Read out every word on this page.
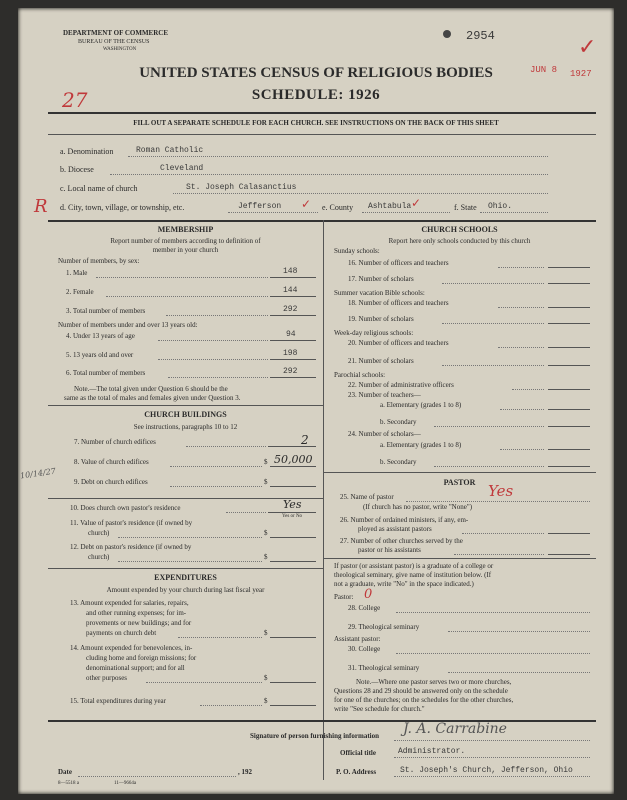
DEPARTMENT OF COMMERCE
BUREAU OF THE CENSUS
WASHINGTON
2954
JUN 8 1927
✓
UNITED STATES CENSUS OF RELIGIOUS BODIES
SCHEDULE: 1926
27
FILL OUT A SEPARATE SCHEDULE FOR EACH CHURCH. SEE INSTRUCTIONS ON THE BACK OF THIS SHEET
a. Denomination	Roman Catholic
b. Diocese	Cleveland
c. Local name of church	St. Joseph Calasanctius
R d. City, town, village, or township, etc.	Jefferson ✓ e. County Ashtabula ✓	f. State Ohio.
MEMBERSHIP
Report number of members according to definition of
member in your church
Number of members, by sex:
1. Male	148
2. Female	144
3. Total number of members	292
Number of members under and over 13 years old:
4. Under 13 years of age	94
5. 13 years old and over	198
6. Total number of members	292
Note.—The total given under Question 6 should be the
same as the total of males and females given under Question 3.
CHURCH BUILDINGS
See instructions, paragraphs 10 to 12
7. Number of church edifices	2
8. Value of church edifices	$ 50,000
10/14/27
9. Debt on church edifices	$
10. Does church own pastor's residence	Yes
Yes or No
11. Value of pastor's residence (if owned by
church)	$
12. Debt on pastor's residence (if owned by
church)	$
EXPENDITURES
Amount expended by your church during last fiscal year
13. Amount expended for salaries, repairs,
and other running expenses; for im-
provements or new buildings; and for
payments on church debt	$
14. Amount expended for benevolences, in-
cluding home and foreign missions; for
denominational support; and for all
other purposes	$
15. Total expenditures during year	$
CHURCH SCHOOLS
Report here only schools conducted by this church
Sunday schools:
16. Number of officers and teachers
17. Number of scholars
Summer vacation Bible schools:
18. Number of officers and teachers
19. Number of scholars
Week-day religious schools:
20. Number of officers and teachers
21. Number of scholars
Parochial schools:
22. Number of administrative officers
23. Number of teachers—
a. Elementary (grades 1 to 8)
b. Secondary
24. Number of scholars—
a. Elementary (grades 1 to 8)
b. Secondary
PASTOR
25. Name of pastor	Yes
(If church has no pastor, write "None")
26. Number of ordained ministers, if any, em-
ployed as assistant pastors
27. Number of other churches served by the
pastor or his assistants
If pastor (or assistant pastor) is a graduate of a college or
theological seminary, give name of institution below. (If
not a graduate, write "No" in the space indicated.)
Pastor: 0
28. College
29. Theological seminary
Assistant pastor:
30. College
31. Theological seminary
Note.—Where one pastor serves two or more churches,
Questions 28 and 29 should be answered only on the schedule
for one of the churches; on the schedules for the other churches,
write "See schedule for church."
Signature of person furnishing information J. A. Carrabine
Official title	Administrator.
Date	, 192	P. O. Address	St. Joseph's Church, Jefferson, Ohio
8—5518 a	11—9664a
